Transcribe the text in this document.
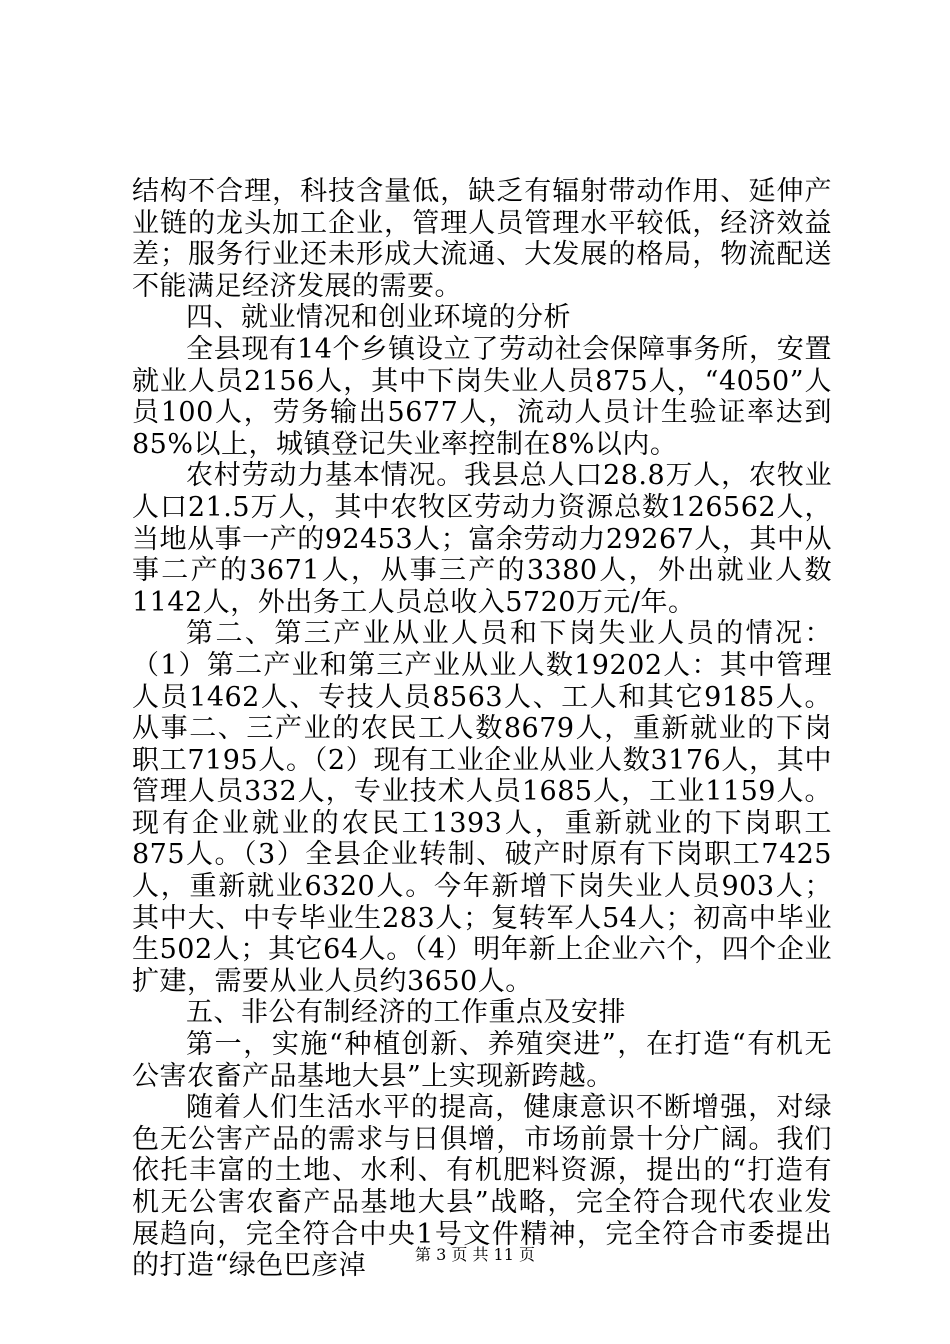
结构不合理，科技含量低，缺乏有辐射带动作用、延伸产业链的龙头加工企业，管理人员管理水平较低，经济效益差；服务行业还未形成大流通、大发展的格局，物流配送不能满足经济发展的需要。

四、就业情况和创业环境的分析

全县现有14个乡镇设立了劳动社会保障事务所，安置就业人员2156人，其中下岗失业人员875人，“4050”人员100人，劳务输出5677人，流动人员计生验证率达到85%以上，城镇登记失业率控制在8%以内。

农村劳动力基本情况。我县总人口28.8万人，农牧业人口21.5万人，其中农牧区劳动力资源总数126562人，当地从事一产的92453人；富余劳动力29267人，其中从事二产的3671人，从事三产的3380人，外出就业人数1142人，外出务工人员总收入5720万元/年。

第二、第三产业从业人员和下岗失业人员的情况：（1）第二产业和第三产业从业人数19202人：其中管理人员1462人、专技人员8563人、工人和其它9185人。从事二、三产业的农民工人数8679人，重新就业的下岗职工7195人。（2）现有工业企业从业人数3176人，其中管理人员332人，专业技术人员1685人，工业1159人。现有企业就业的农民工1393人，重新就业的下岗职工875人。（3）全县企业转制、破产时原有下岗职工7425人，重新就业6320人。今年新增下岗失业人员903人；其中大、中专毕业生283人；复转军人54人；初高中毕业生502人；其它64人。（4）明年新上企业六个，四个企业扩建，需要从业人员约3650人。

五、非公有制经济的工作重点及安排

第一，实施“种植创新、养殖突进”，在打造“有机无公害农畜产品基地大县”上实现新跨越。

随着人们生活水平的提高，健康意识不断增强，对绿色无公害产品的需求与日俱增，市场前景十分广阔。我们依托丰富的土地、水利、有机肥料资源，提出的“打造有机无公害农畜产品基地大县”战略，完全符合现代农业发展趋向，完全符合中央1号文件精神，完全符合市委提出的打造“绿色巴彦淖	第 3 页 共 11 页
